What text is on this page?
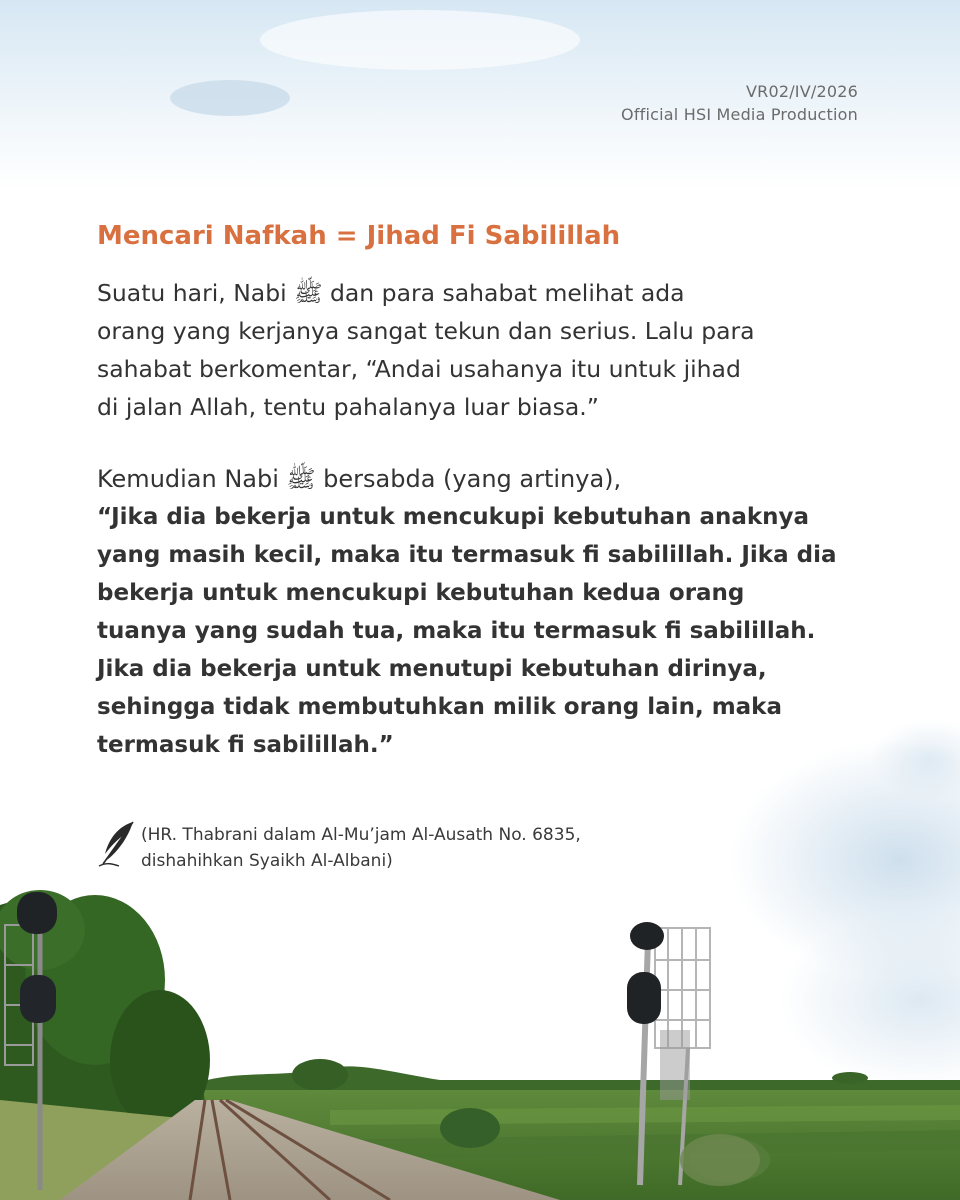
VR02/IV/2026
Official HSI Media Production
Mencari Nafkah = Jihad Fi Sabilillah
Suatu hari, Nabi ﷺ dan para sahabat melihat ada
orang yang kerjanya sangat tekun dan serius. Lalu para
sahabat berkomentar, “Andai usahanya itu untuk jihad
di jalan Allah, tentu pahalanya luar biasa.”
Kemudian Nabi ﷺ bersabda (yang artinya),
“Jika dia bekerja untuk mencukupi kebutuhan anaknya
yang masih kecil, maka itu termasuk fi sabilillah. Jika dia
bekerja untuk mencukupi kebutuhan kedua orang
tuanya yang sudah tua, maka itu termasuk fi sabilillah.
Jika dia bekerja untuk menutupi kebutuhan dirinya,
sehingga tidak membutuhkan milik orang lain, maka
termasuk fi sabilillah.”
(HR. Thabrani dalam Al-Mu’jam Al-Ausath No. 6835,
dishahihkan Syaikh Al-Albani)
